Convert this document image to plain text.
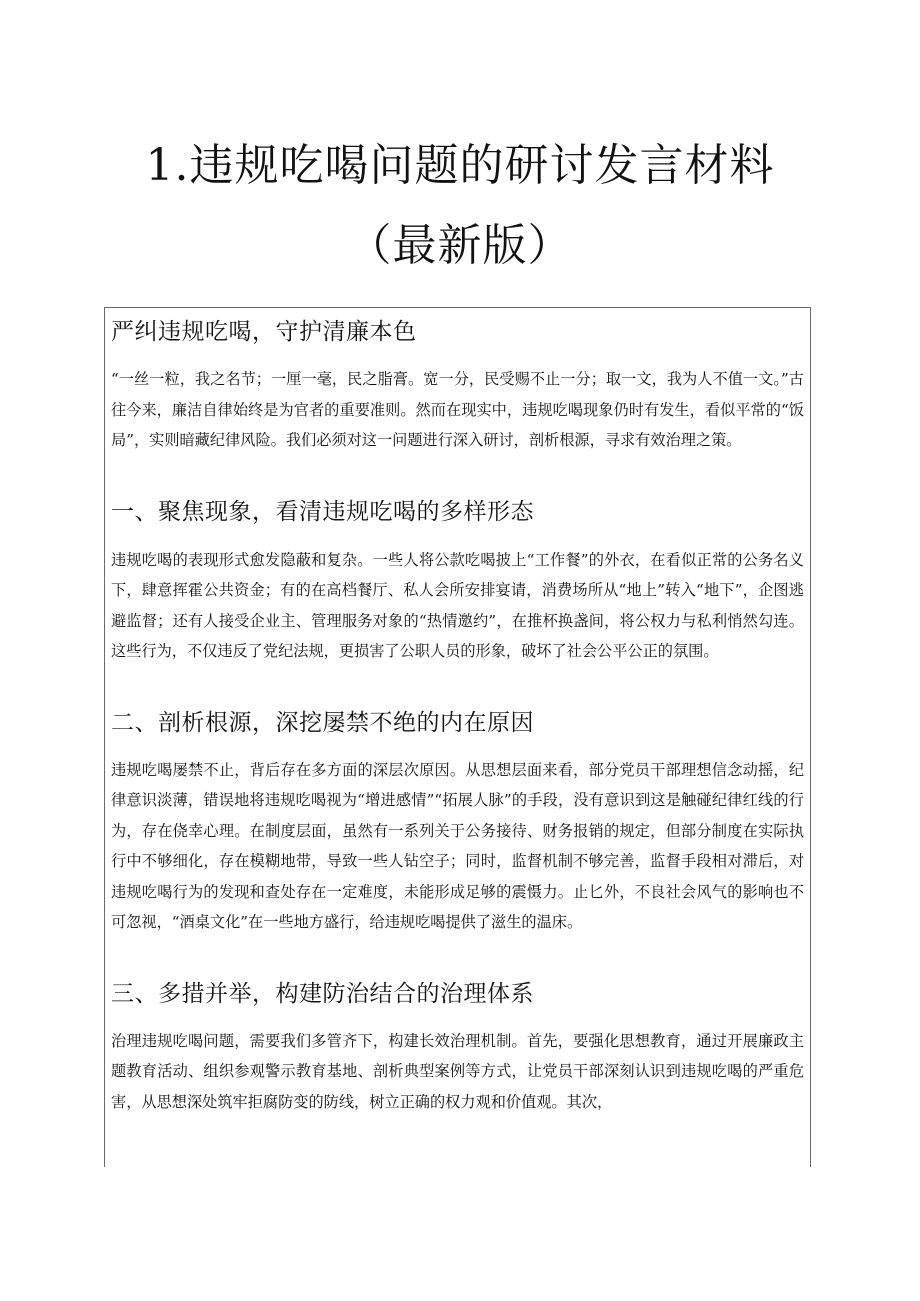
1.违规吃喝问题的研讨发言材料
（最新版）
严纠违规吃喝，守护清廉本色

“一丝一粒，我之名节；一厘一毫，民之脂膏。宽一分，民受赐不止一分；取一文，我为人不值一文。”古往今来，廉洁自律始终是为官者的重要准则。然而在现实中，违规吃喝现象仍时有发生，看似平常的“饭局”，实则暗藏纪律风险。我们必须对这一问题进行深入研讨，剖析根源，寻求有效治理之策。

一、聚焦现象，看清违规吃喝的多样形态

违规吃喝的表现形式愈发隐蔽和复杂。一些人将公款吃喝披上“工作餐”的外衣，在看似正常的公务名义下，肆意挥霍公共资金；有的在高档餐厅、私人会所安排宴请，消费场所从“地上”转入“地下”，企图逃避监督；还有人接受企业主、管理服务对象的“热情邀约”，在推杯换盏间，将公权力与私利悄然勾连。这些行为，不仅违反了党纪法规，更损害了公职人员的形象，破坏了社会公平公正的氛围。

二、剖析根源，深挖屡禁不绝的内在原因

违规吃喝屡禁不止，背后存在多方面的深层次原因。从思想层面来看，部分党员干部理想信念动摇，纪律意识淡薄，错误地将违规吃喝视为“增进感情”“拓展人脉”的手段，没有意识到这是触碰纪律红线的行为，存在侥幸心理。在制度层面，虽然有一系列关于公务接待、财务报销的规定，但部分制度在实际执行中不够细化，存在模糊地带，导致一些人钻空子；同时，监督机制不够完善，监督手段相对滞后，对违规吃喝行为的发现和查处存在一定难度，未能形成足够的震慑力。止匕外，不良社会风气的影响也不可忽视，“酒桌文化”在一些地方盛行，给违规吃喝提供了滋生的温床。

三、多措并举，构建防治结合的治理体系

治理违规吃喝问题，需要我们多管齐下，构建长效治理机制。首先，要强化思想教育，通过开展廉政主题教育活动、组织参观警示教育基地、剖析典型案例等方式，让党员干部深刻认识到违规吃喝的严重危害，从思想深处筑牢拒腐防变的防线，树立正确的权力观和价值观。其次，
